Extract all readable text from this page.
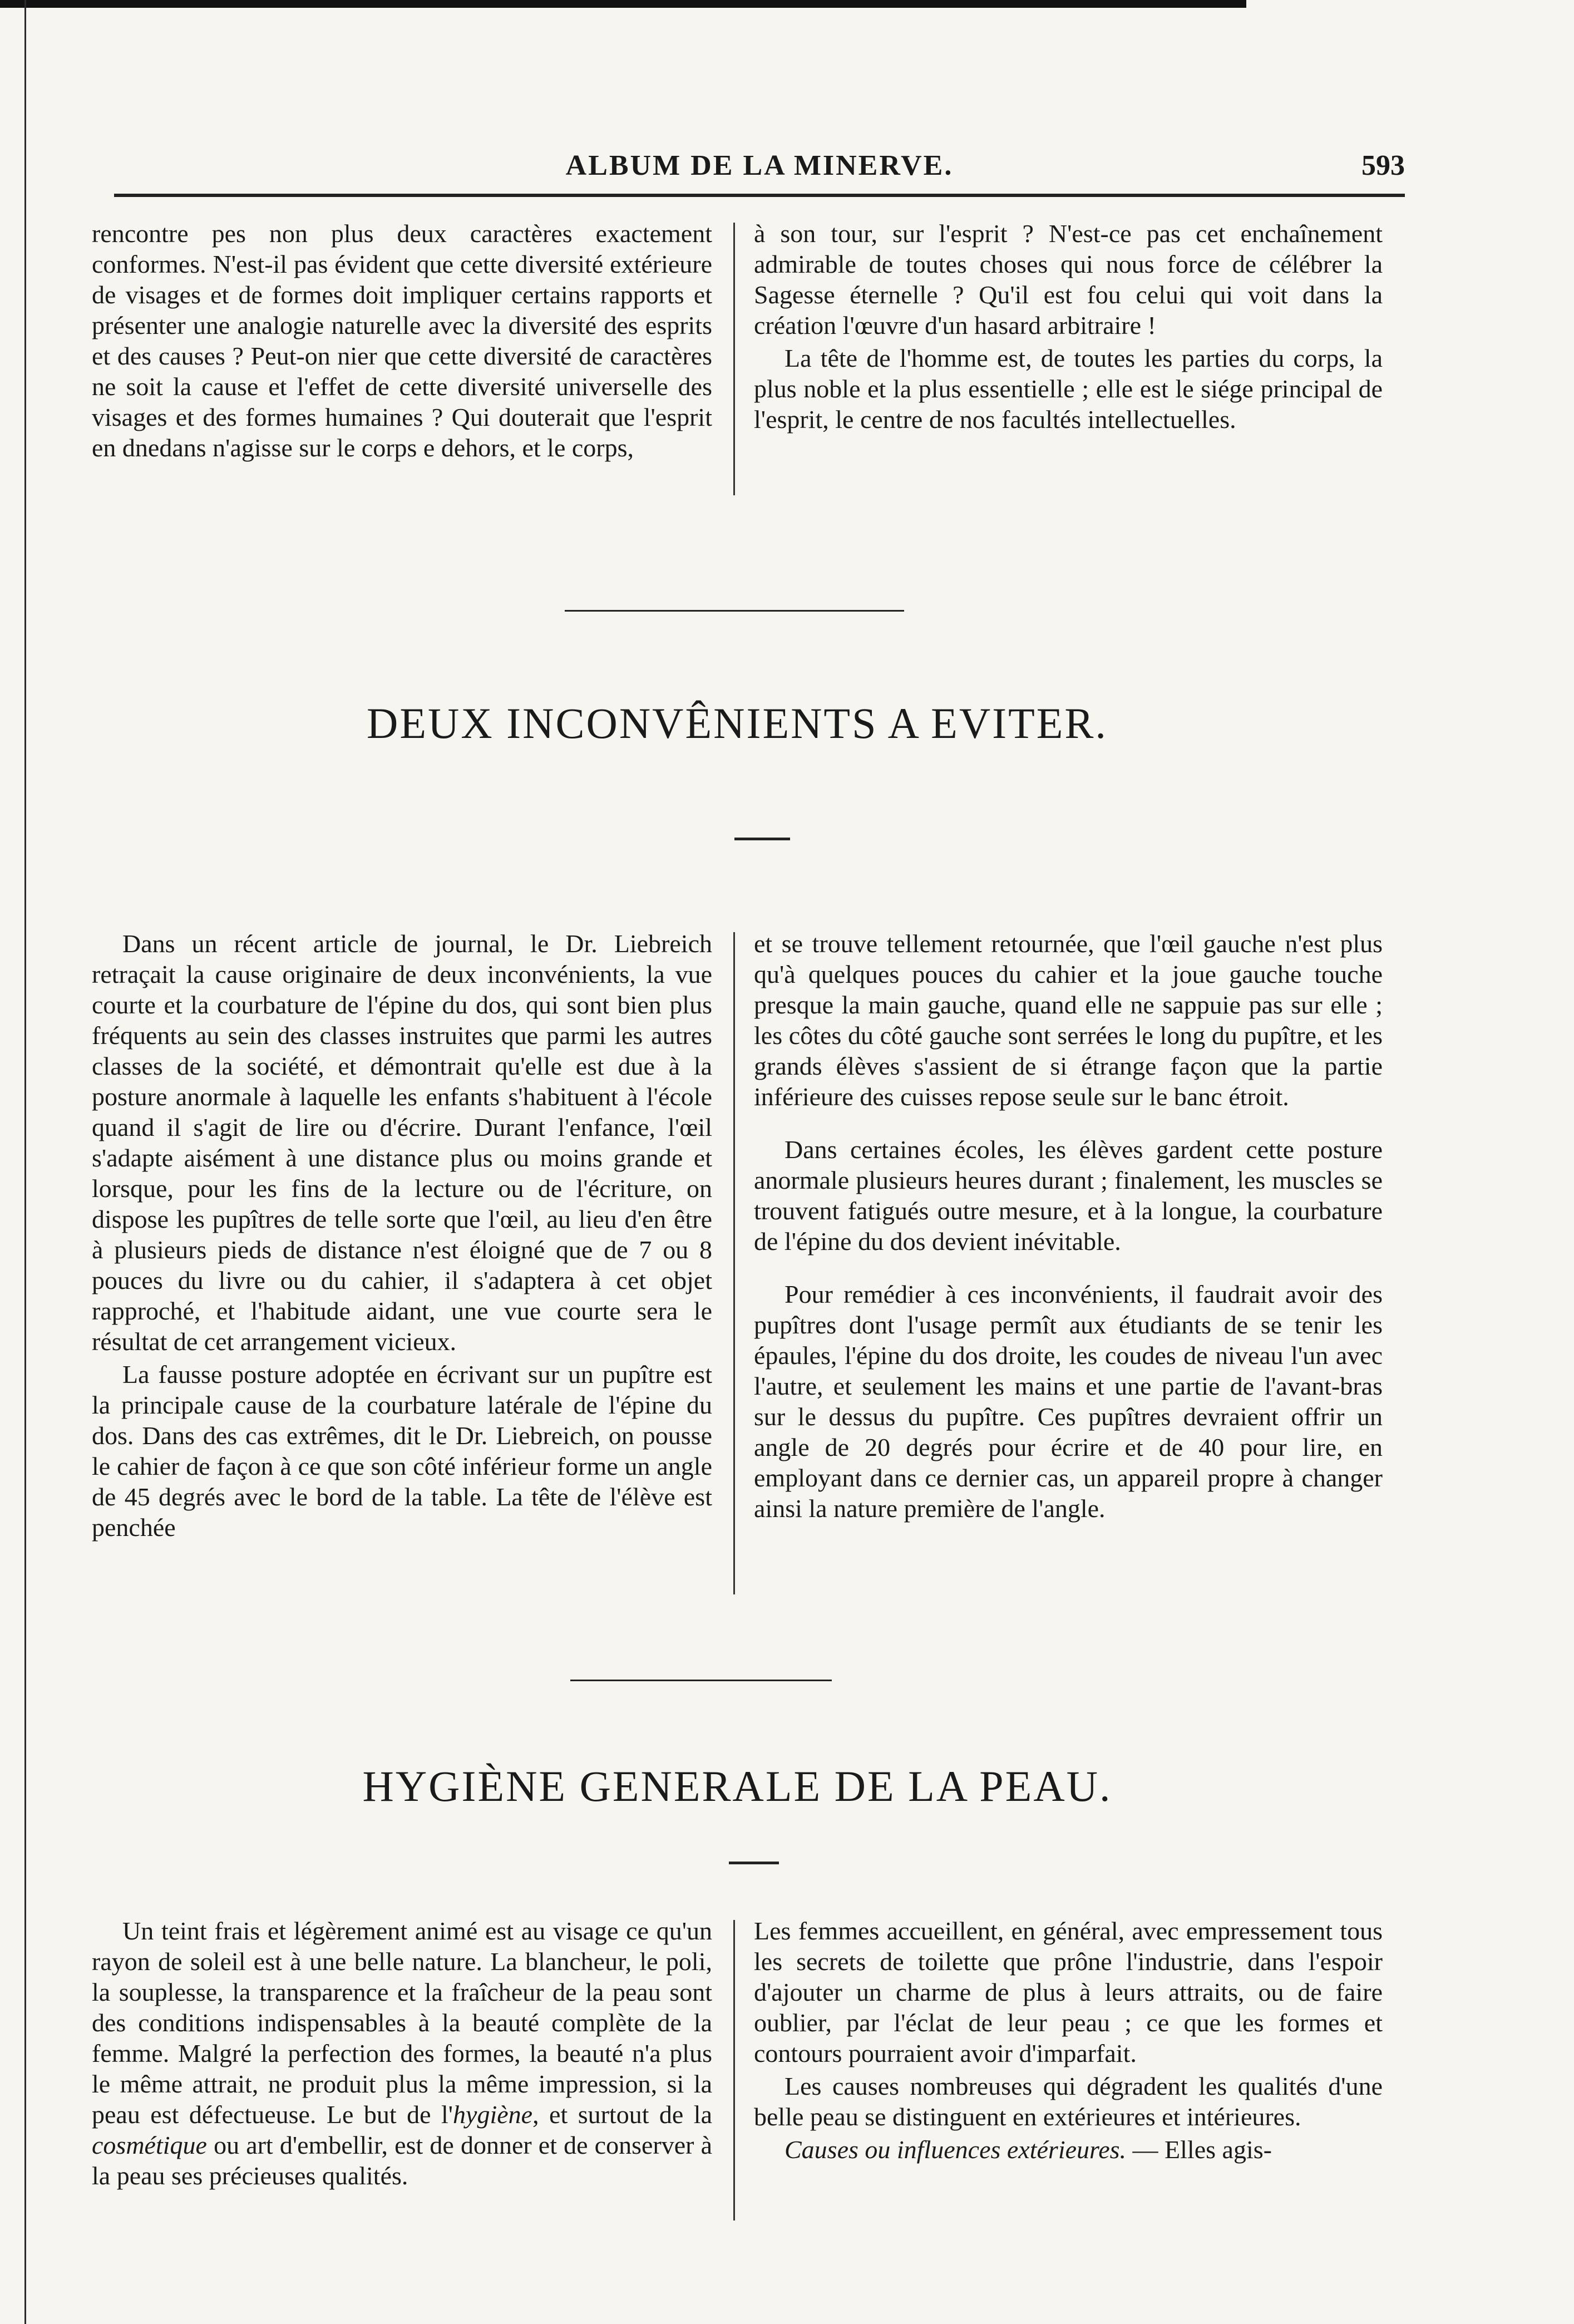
ALBUM DE LA MINERVE.	593

rencontre pes non plus deux caractères exactement conformes. N'est-il pas évident que cette diversité extérieure de visages et de formes doit impliquer certains rapports et présenter une analogie naturelle avec la diversité des esprits et des causes ? Peut-on nier que cette diversité de caractères ne soit la cause et l'effet de cette diversité universelle des visages et des formes humaines ? Qui douterait que l'esprit en dnedans n'agisse sur le corps e dehors, et le corps,

à son tour, sur l'esprit ? N'est-ce pas cet enchaînement admirable de toutes choses qui nous force de célébrer la Sagesse éternelle ? Qu'il est fou celui qui voit dans la création l'œuvre d'un hasard arbitraire !

La tête de l'homme est, de toutes les parties du corps, la plus noble et la plus essentielle ; elle est le siége principal de l'esprit, le centre de nos facultés intellectuelles.

DEUX INCONVÊNIENTS A EVITER.

Dans un récent article de journal, le Dr. Liebreich retraçait la cause originaire de deux inconvénients, la vue courte et la courbature de l'épine du dos, qui sont bien plus fréquents au sein des classes instruites que parmi les autres classes de la société, et démontrait qu'elle est due à la posture anormale à laquelle les enfants s'habituent à l'école quand il s'agit de lire ou d'écrire. Durant l'enfance, l'œil s'adapte aisément à une distance plus ou moins grande et lorsque, pour les fins de la lecture ou de l'écriture, on dispose les pupîtres de telle sorte que l'œil, au lieu d'en être à plusieurs pieds de distance n'est éloigné que de 7 ou 8 pouces du livre ou du cahier, il s'adaptera à cet objet rapproché, et l'habitude aidant, une vue courte sera le résultat de cet arrangement vicieux.

La fausse posture adoptée en écrivant sur un pupître est la principale cause de la courbature latérale de l'épine du dos. Dans des cas extrêmes, dit le Dr. Liebreich, on pousse le cahier de façon à ce que son côté inférieur forme un angle de 45 degrés avec le bord de la table. La tête de l'élève est penchée

et se trouve tellement retournée, que l'œil gauche n'est plus qu'à quelques pouces du cahier et la joue gauche touche presque la main gauche, quand elle ne sappuie pas sur elle ; les côtes du côté gauche sont serrées le long du pupître, et les grands élèves s'assient de si étrange façon que la partie inférieure des cuisses repose seule sur le banc étroit.

Dans certaines écoles, les élèves gardent cette posture anormale plusieurs heures durant ; finalement, les muscles se trouvent fatigués outre mesure, et à la longue, la courbature de l'épine du dos devient inévitable.

Pour remédier à ces inconvénients, il faudrait avoir des pupîtres dont l'usage permît aux étudiants de se tenir les épaules, l'épine du dos droite, les coudes de niveau l'un avec l'autre, et seulement les mains et une partie de l'avant-bras sur le dessus du pupître. Ces pupîtres devraient offrir un angle de 20 degrés pour écrire et de 40 pour lire, en employant dans ce dernier cas, un appareil propre à changer ainsi la nature première de l'angle.

HYGIÈNE GENERALE DE LA PEAU.

Un teint frais et légèrement animé est au visage ce qu'un rayon de soleil est à une belle nature. La blancheur, le poli, la souplesse, la transparence et la fraîcheur de la peau sont des conditions indispensables à la beauté complète de la femme. Malgré la perfection des formes, la beauté n'a plus le même attrait, ne produit plus la même impression, si la peau est défectueuse. Le but de l'hygiène, et surtout de la cosmétique ou art d'embellir, est de donner et de conserver à la peau ses précieuses qualités.

Les femmes accueillent, en général, avec empressement tous les secrets de toilette que prône l'industrie, dans l'espoir d'ajouter un charme de plus à leurs attraits, ou de faire oublier, par l'éclat de leur peau ; ce que les formes et contours pourraient avoir d'imparfait.

Les causes nombreuses qui dégradent les qualités d'une belle peau se distinguent en extérieures et intérieures.

Causes ou influences extérieures. — Elles agis-
